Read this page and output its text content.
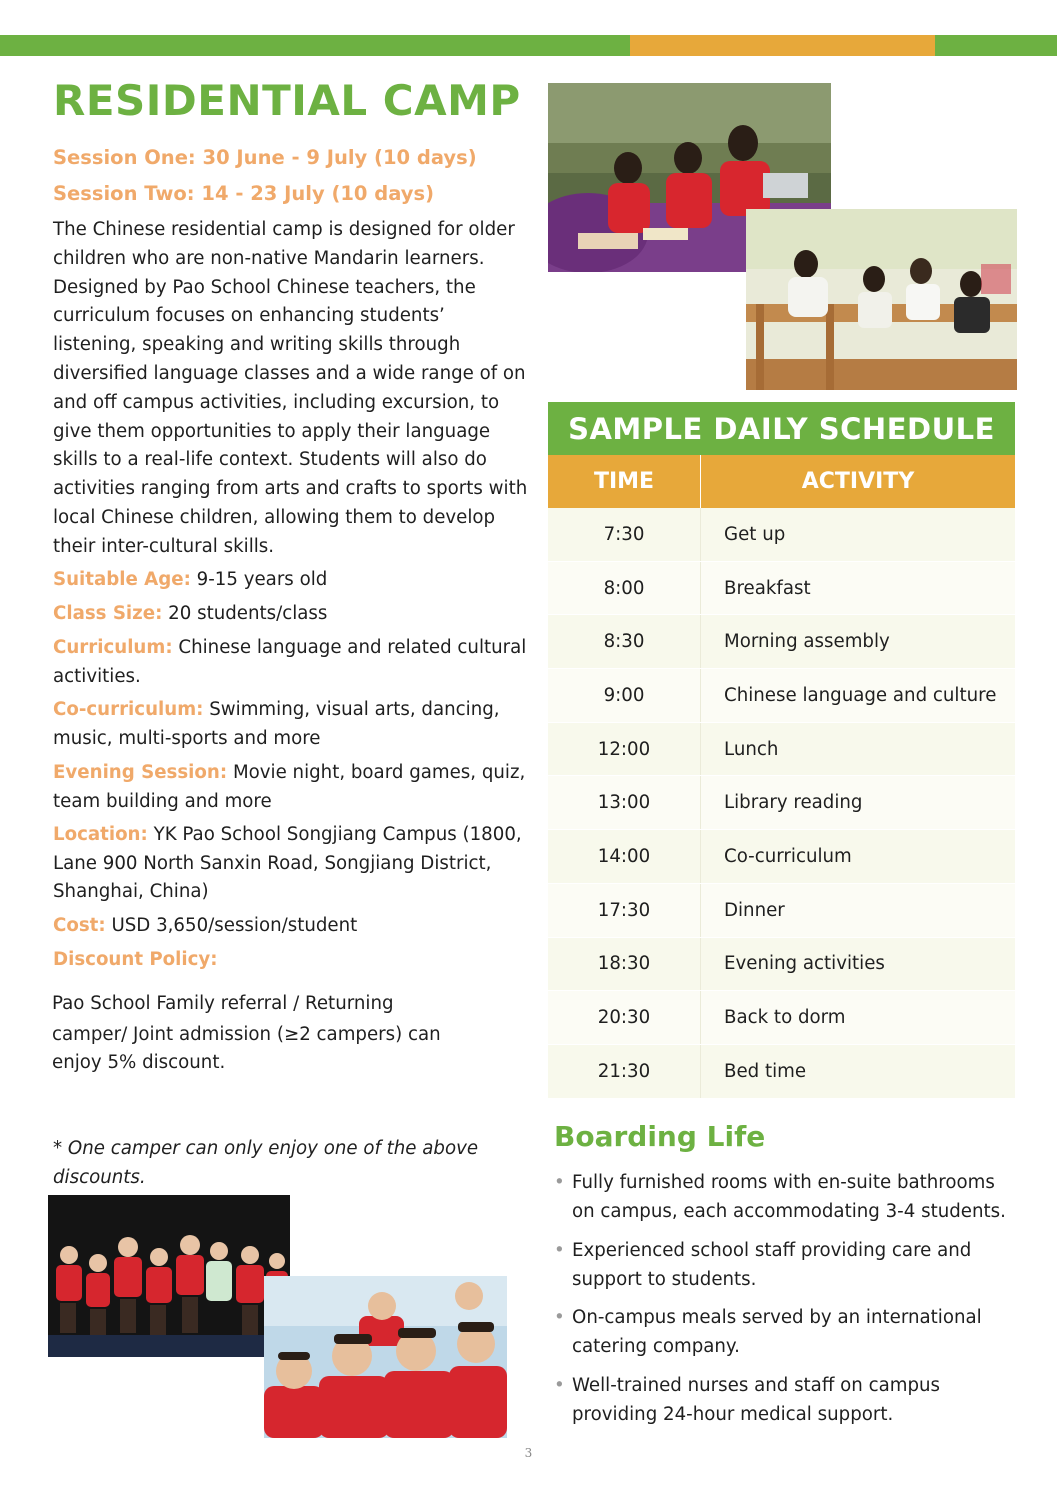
RESIDENTIAL CAMP

Session One: 30 June - 9 July (10 days)

Session Two: 14 - 23 July (10 days)

The Chinese residential camp is designed for older children who are non-native Mandarin learners. Designed by Pao School Chinese teachers, the curriculum focuses on enhancing students’ listening, speaking and writing skills through diversified language classes and a wide range of on and off campus activities, including excursion, to give them opportunities to apply their language skills to a real-life context. Students will also do activities ranging from arts and crafts to sports with local Chinese children, allowing them to develop their inter-cultural skills.

Suitable Age: 9-15 years old

Class Size: 20 students/class

Curriculum: Chinese language and related cultural activities.

Co-curriculum: Swimming, visual arts, dancing, music, multi-sports and more

Evening Session: Movie night, board games, quiz, team building and more

Location: YK Pao School Songjiang Campus (1800, Lane 900 North Sanxin Road, Songjiang District, Shanghai, China)

Cost: USD 3,650/session/student

Discount Policy:

Pao School Family referral / Returning
camper/ Joint admission (≥2 campers) can
enjoy 5% discount.

* One camper can only enjoy one of the above discounts.

SAMPLE DAILY SCHEDULE
TIME	ACTIVITY
7:30	Get up
8:00	Breakfast
8:30	Morning assembly
9:00	Chinese language and culture
12:00	Lunch
13:00	Library reading
14:00	Co-curriculum
17:30	Dinner
18:30	Evening activities
20:30	Back to dorm
21:30	Bed time
Boarding Life
• Fully furnished rooms with en-suite bathrooms on campus, each accommodating 3-4 students.
• Experienced school staff providing care and support to students.
• On-campus meals served by an international catering company.
• Well-trained nurses and staff on campus providing 24-hour medical support.
3
